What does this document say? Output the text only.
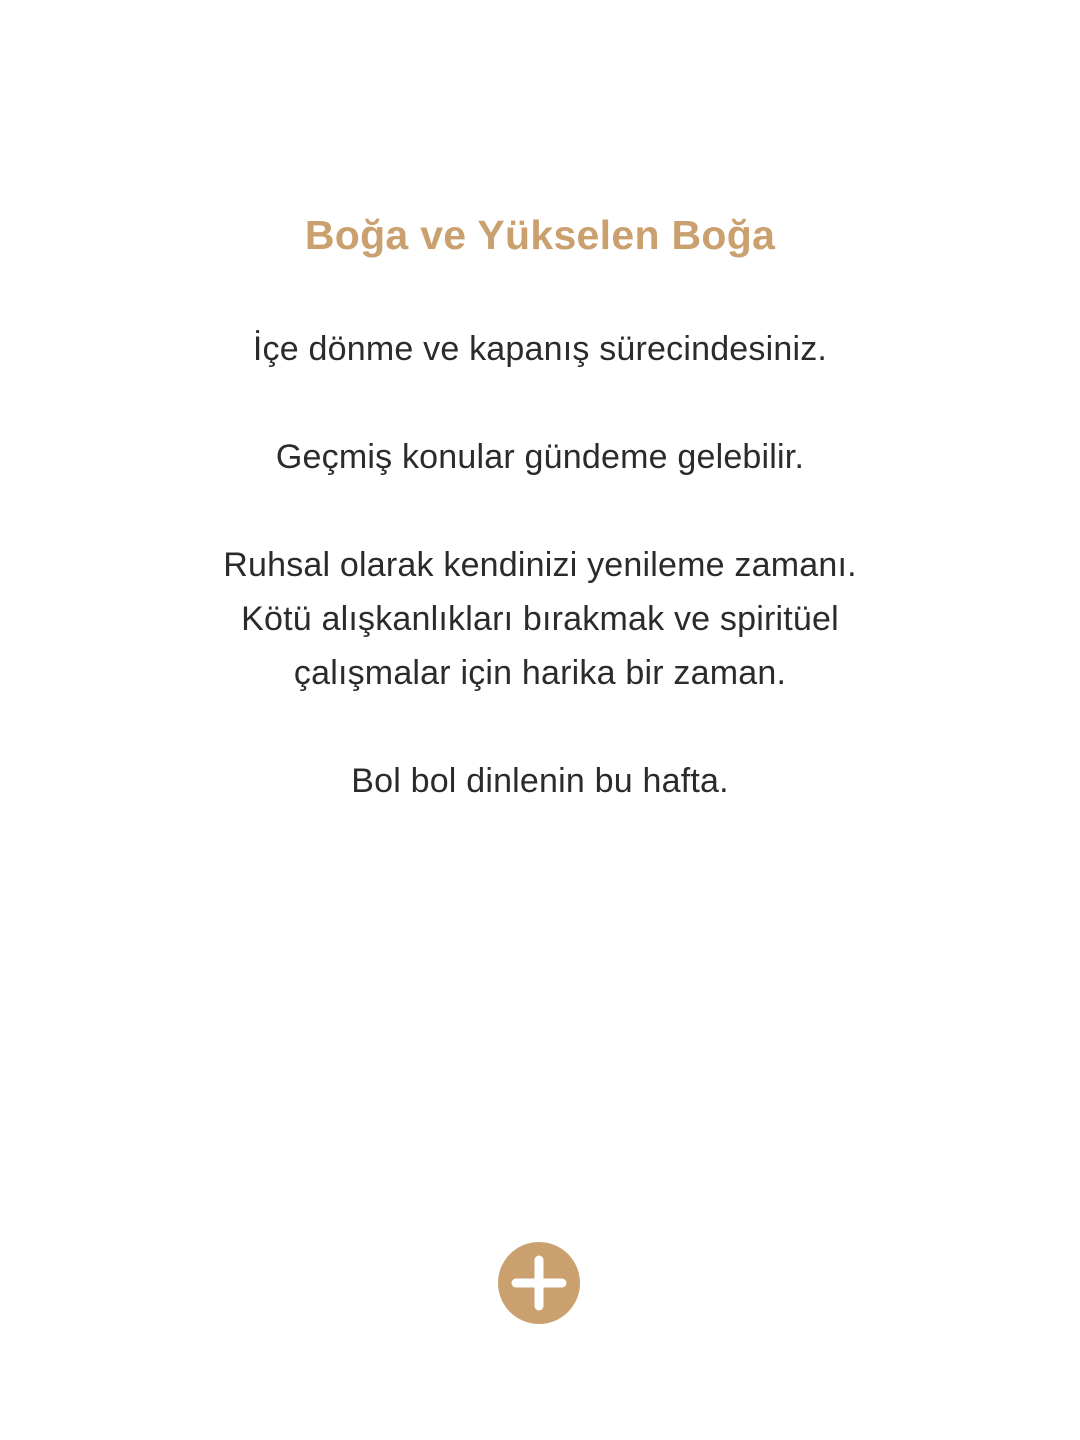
Boğa ve Yükselen Boğa
İçe dönme ve kapanış sürecindesiniz.
Geçmiş konular gündeme gelebilir.
Ruhsal olarak kendinizi yenileme zamanı.
Kötü alışkanlıkları bırakmak ve spiritüel
çalışmalar için harika bir zaman.
Bol bol dinlenin bu hafta.
